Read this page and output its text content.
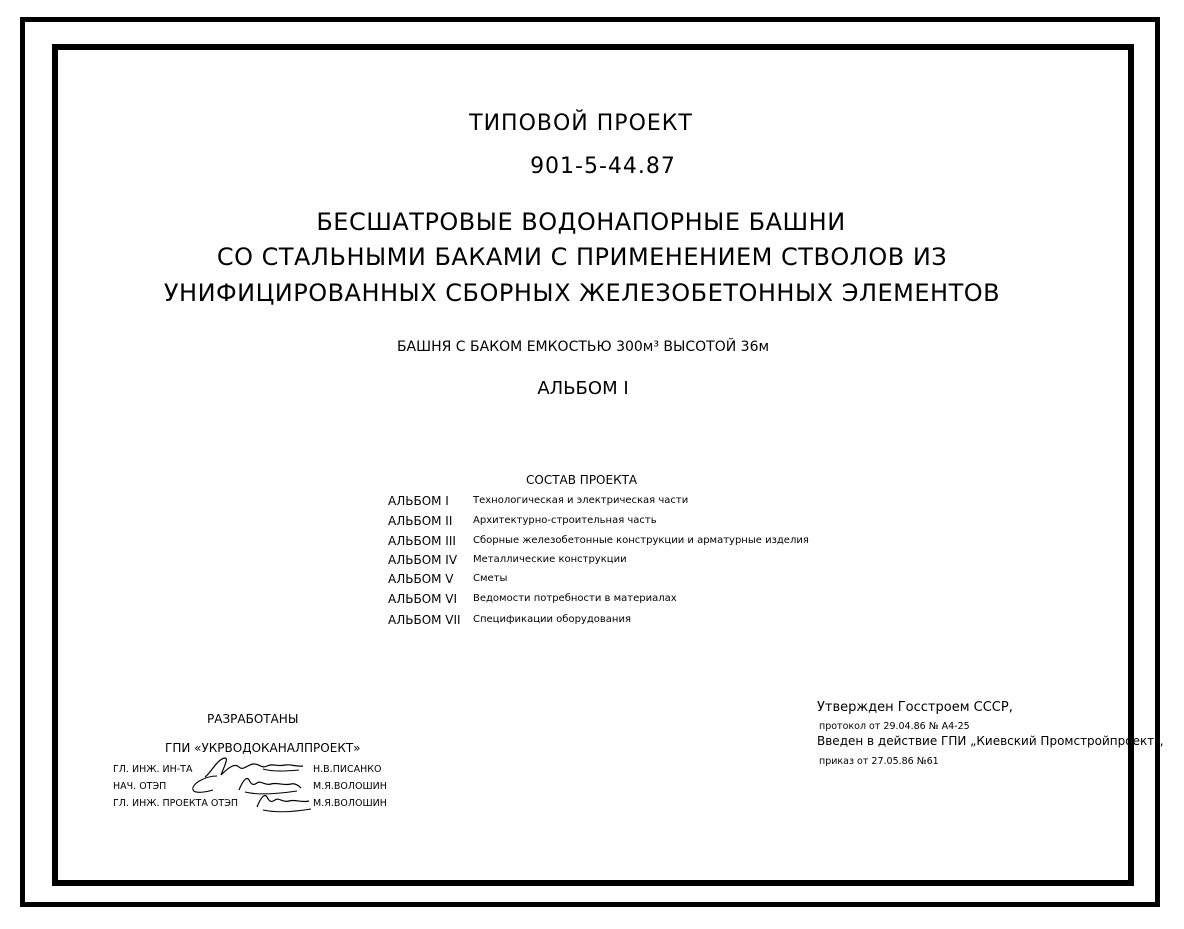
ТИПОВОЙ ПРОЕКТ
901-5-44.87
БЕСШАТРОВЫЕ ВОДОНАПОРНЫЕ БАШНИ
СО СТАЛЬНЫМИ БАКАМИ С ПРИМЕНЕНИЕМ СТВОЛОВ ИЗ
УНИФИЦИРОВАННЫХ СБОРНЫХ ЖЕЛЕЗОБЕТОННЫХ ЭЛЕМЕНТОВ
БАШНЯ С БАКОМ ЕМКОСТЬЮ 300м³ ВЫСОТОЙ 36м
АЛЬБОМ I
СОСТАВ ПРОЕКТА
АЛЬБОМ I Технологическая и электрическая части
АЛЬБОМ II Архитектурно-строительная часть
АЛЬБОМ III Сборные железобетонные конструкции и арматурные изделия
АЛЬБОМ IV Металлические конструкции
АЛЬБОМ V Сметы
АЛЬБОМ VI Ведомости потребности в материалах
АЛЬБОМ VII Спецификации оборудования
РАЗРАБОТАНЫ
ГПИ «УКРВОДОКАНАЛПРОЕКТ»
ГЛ. ИНЖ. ИН-ТА	Н.В.ПИСАНКО
НАЧ. ОТЭП	М.Я.ВОЛОШИН
ГЛ. ИНЖ. ПРОЕКТА ОТЭП	М.Я.ВОЛОШИН
Утвержден Госстроем СССР,
протокол от 29.04.86 № А4-25
Введен в действие ГПИ „Киевский Промстройпроект",
приказ от 27.05.86 №61
